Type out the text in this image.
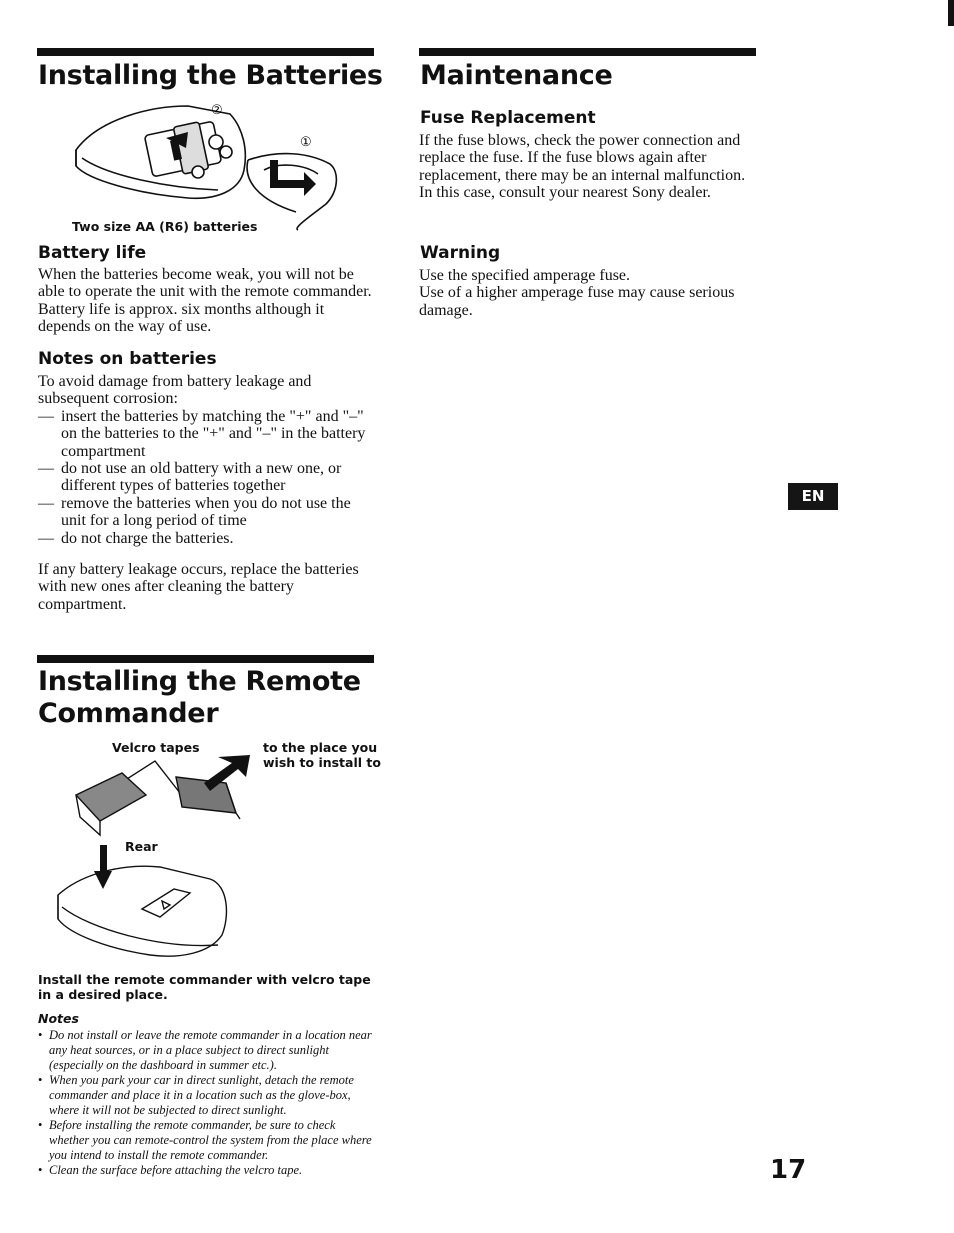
Installing the Batteries
②
①

Two size AA (R6) batteries

Battery life

When the batteries become weak, you will not be able to operate the unit with the remote commander. Battery life is approx. six months although it depends on the way of use.

Notes on batteries

To avoid damage from battery leakage and subsequent corrosion:

— insert the batteries by matching the "+" and "–" on the batteries to the "+" and "–" in the battery compartment

— do not use an old battery with a new one, or different types of batteries together

— remove the batteries when you do not use the unit for a long period of time

— do not charge the batteries.

If any battery leakage occurs, replace the batteries with new ones after cleaning the battery compartment.

Installing the Remote
Commander

Velcro tapes	to the place you

wish to install to

Rear

Install the remote commander with velcro tape in a desired place.

Notes

• Do not install or leave the remote commander in a location near any heat sources, or in a place subject to direct sunlight (especially on the dashboard in summer etc.).
• When you park your car in direct sunlight, detach the remote commander and place it in a location such as the glove-box, where it will not be subjected to direct sunlight.
• Before installing the remote commander, be sure to check whether you can remote-control the system from the place where you intend to install the remote commander.
• Clean the surface before attaching the velcro tape.
Maintenance
Fuse Replacement

If the fuse blows, check the power connection and replace the fuse. If the fuse blows again after replacement, there may be an internal malfunction. In this case, consult your nearest Sony dealer.

Warning

Use the specified amperage fuse.

Use of a higher amperage fuse may cause serious damage.

EN
17
